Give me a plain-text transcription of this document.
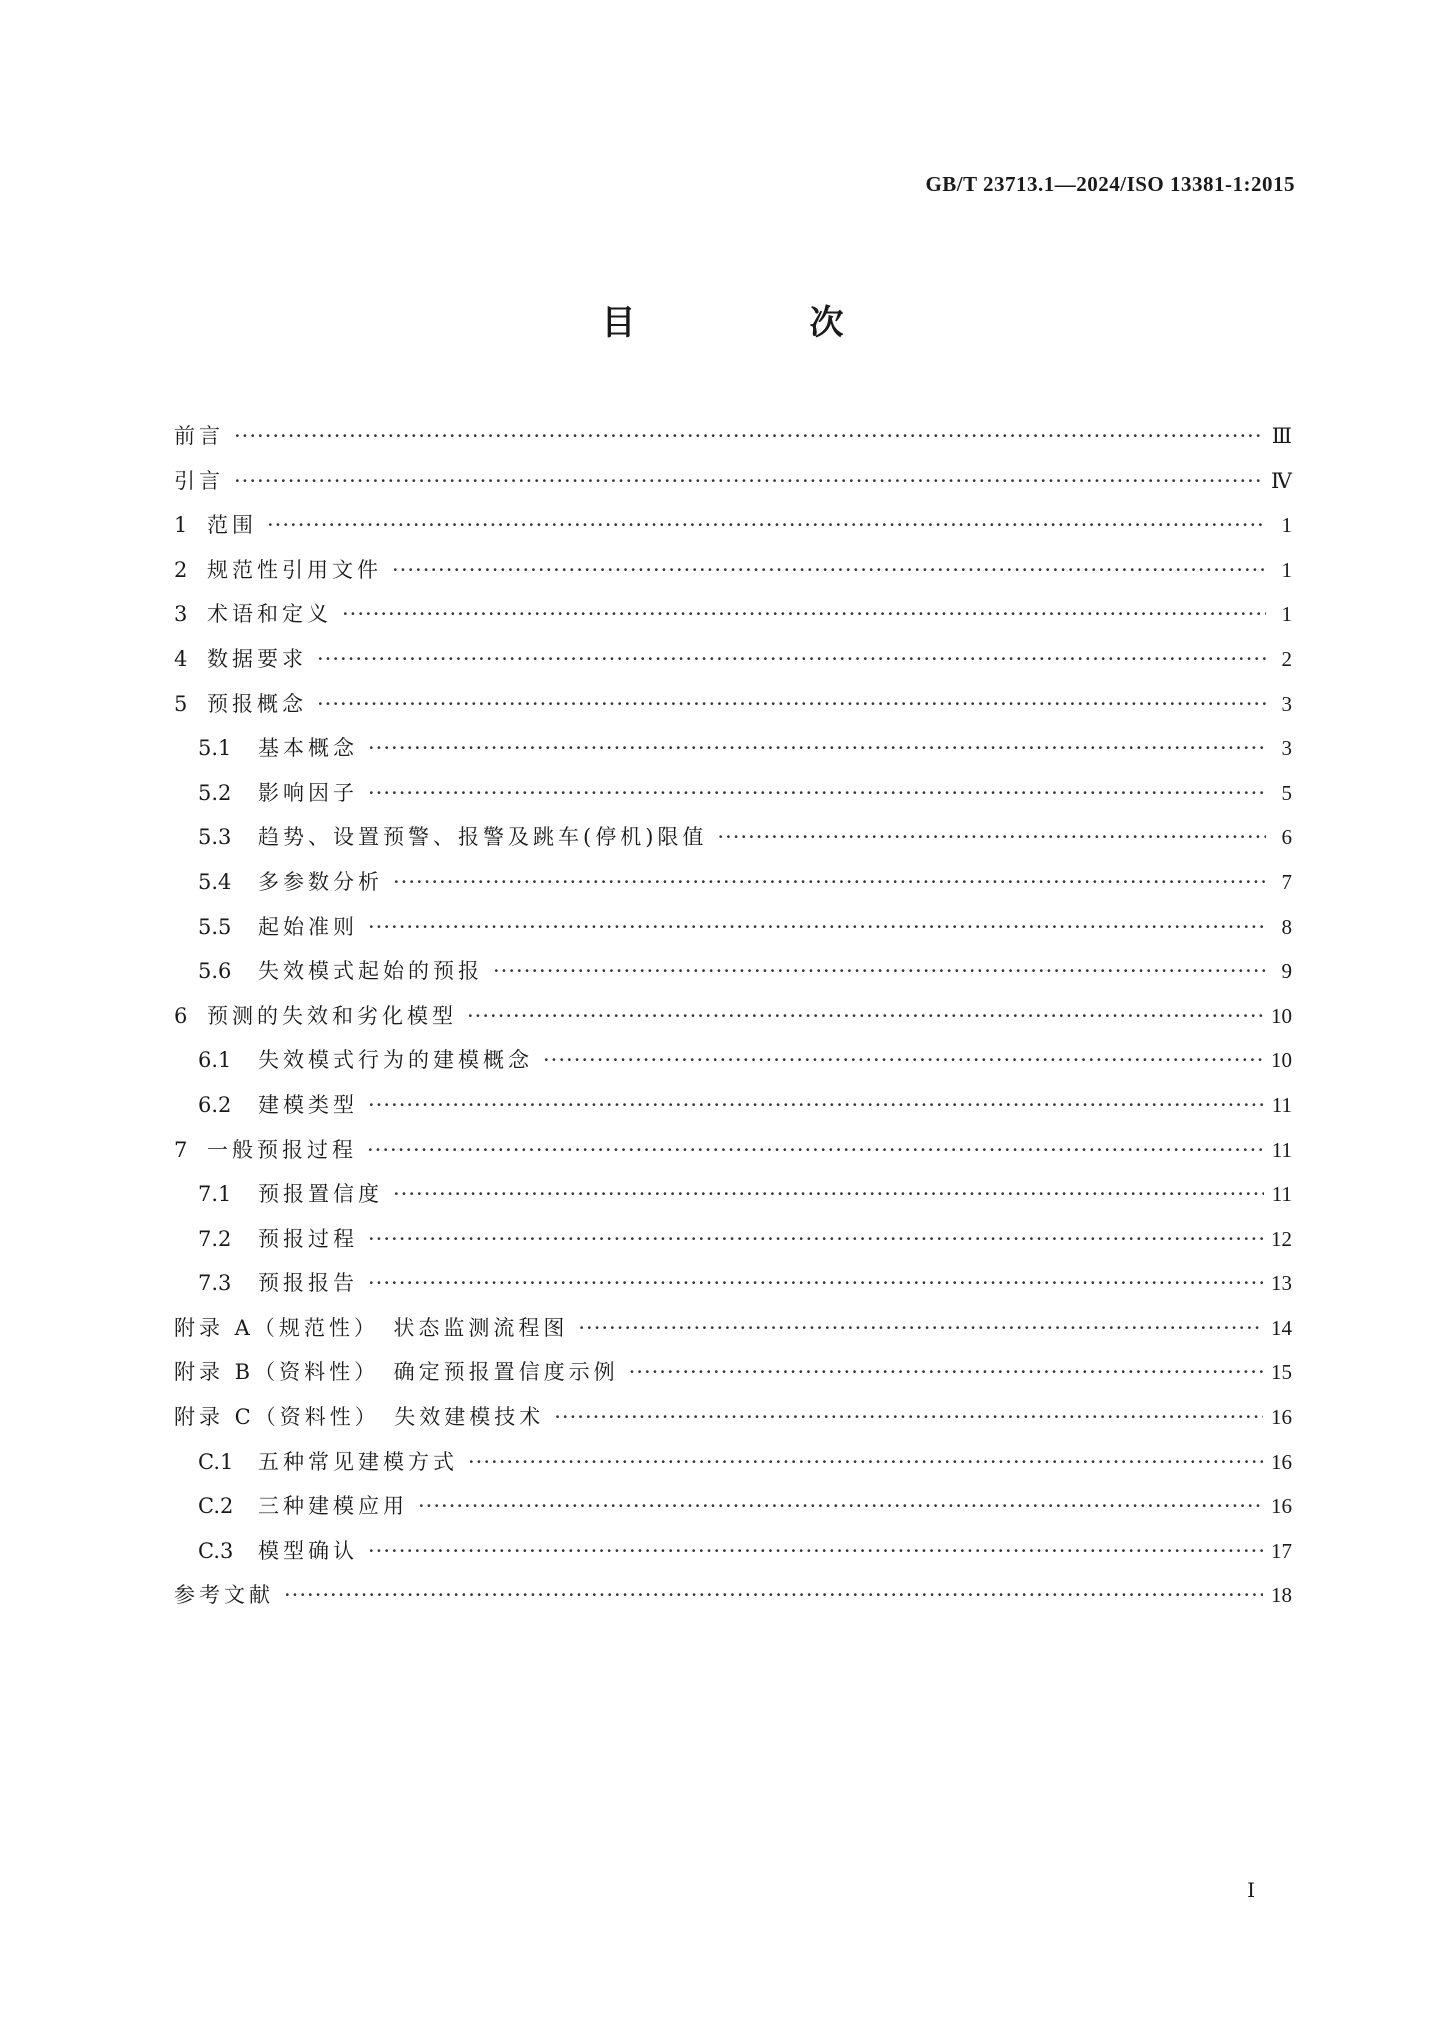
GB/T 23713.1—2024/ISO 13381-1:2015
目　次
前言 ·····	Ⅲ
引言 ·····	Ⅳ
1 范围 ·····	1
2 规范性引用文件 ·····	1
3 术语和定义 ·····	1
4 数据要求 ·····	2
5 预报概念 ·····	3
5.1	基本概念 ·····	3
5.2	影响因子 ·····	5
5.3	趋势、设置预警、报警及跳车(停机)限值 ·····	6
5.4	多参数分析 ·····	7
5.5	起始准则 ·····	8
5.6	失效模式起始的预报 ·····	9
6 预测的失效和劣化模型 ·····	10
6.1	失效模式行为的建模概念 ·····	10
6.2	建模类型 ·····	11
7 一般预报过程 ·····	11
7.1	预报置信度 ·····	11
7.2	预报过程 ·····	12
7.3	预报报告 ·····	13
附录 A（规范性）　状态监测流程图 ·····	14
附录 B（资料性）　确定预报置信度示例 ·····	15
附录 C（资料性）　失效建模技术 ·····	16
C.1	五种常见建模方式 ·····	16
C.2	三种建模应用 ·····	16
C.3	模型确认 ·····	17
参考文献 ·····	18
Ⅰ
